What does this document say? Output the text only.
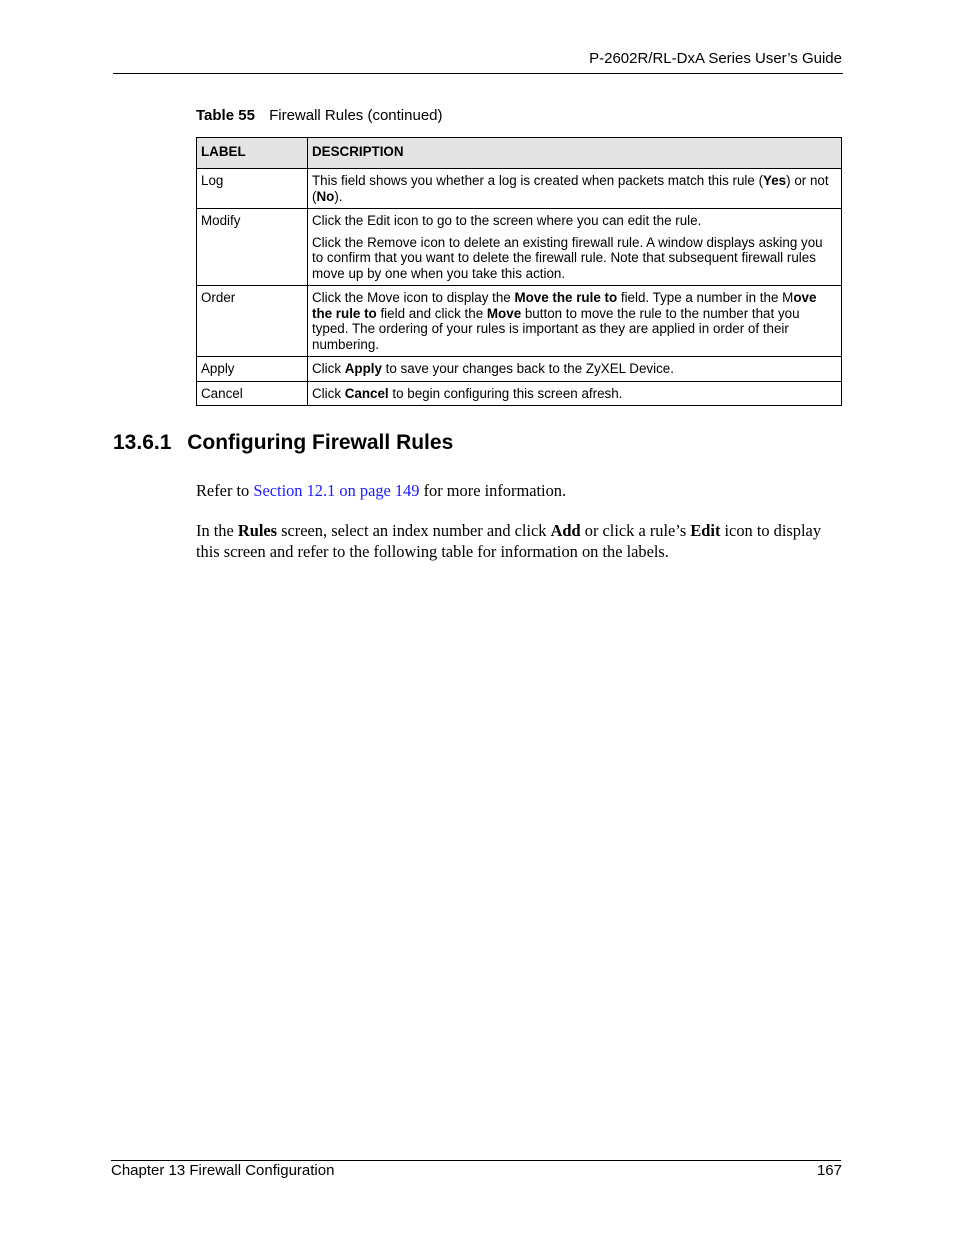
P-2602R/RL-DxA Series User’s Guide
Table 55 Firewall Rules (continued)
LABEL	DESCRIPTION
Log	This field shows you whether a log is created when packets match this rule (Yes) or not (No).

Modify	Click the Edit icon to go to the screen where you can edit the rule.

Click the Remove icon to delete an existing firewall rule. A window displays asking you to confirm that you want to delete the firewall rule. Note that subsequent firewall rules move up by one when you take this action.

Order	Click the Move icon to display the Move the rule to field. Type a number in the Move the rule to field and click the Move button to move the rule to the number that you typed. The ordering of your rules is important as they are applied in order of their numbering.

Apply	Click Apply to save your changes back to the ZyXEL Device.

Cancel	Click Cancel to begin configuring this screen afresh.

13.6.1 Configuring Firewall Rules
Refer to Section 12.1 on page 149 for more information.
In the Rules screen, select an index number and click Add or click a rule’s Edit icon to display this screen and refer to the following table for information on the labels.
Chapter 13 Firewall Configuration	167
